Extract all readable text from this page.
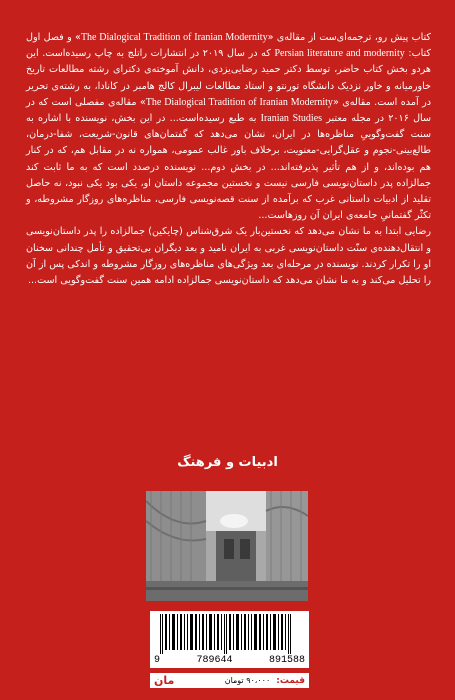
کتاب پیش رو، ترجمه‌ای‌ست از مقاله‌ی «The Dialogical Tradition of Iranian Modernity» و فصل اول کتاب: Persian literature and modernity که در سال ۲۰۱۹ در انتشارات راتلج به چاپ رسیده‌است. این هردو بخش کتاب حاضر، توسط دکتر حمید رضایی‌یزدی، دانش آموخته‌ی دکترای رشته مطالعات تاریخ خاورمیانه و خاور نزدیک دانشگاه تورنتو و استاد مطالعات لیبرال کالج هامبر در کانادا، به رشته‌ی تحریر در آمده است. مقاله‌ی «The Dialogical Tradition of Iranian Modernity» مقاله‌ی مفصلی است که در سال ۲۰۱۶ در مجله معتبر Iranian Studies به طبع رسیده‌است... در این بخش، نویسنده با اشاره به سنت گفت‌وگوییِ مناظره‌ها در ایران، نشان می‌دهد که گفتمان‌های قانون-شریعت، شفا-درمان، طالع‌بینی-نجوم و عقل‌گرایی-معنویت، برخلاف باور غالب عمومی، همواره نه در مقابل هم، که در کنار هم بوده‌اند، و از هم تأثیر پذیرفته‌اند... در بخش دوم... نویسنده درصدد است که به ما ثابت کند جمالزاده پدر داستان‌نویسی فارسی نیست و نخستین مجموعه داستان او، یکی بود یکی نبود، نه حاصل تقلید از ادبیات داستانی غرب که برآمده از سنت قصه‌نویسی فارسی، مناظره‌های روزگار مشروطه، و تکثّر گفتمانیِ جامعه‌ی ایران آن روزهاست...

رضایی ابتدا به ما نشان می‌دهد که نخستین‌بار یک شرق‌شناس (چایکین) جمالزاده را پدر داستان‌نویسی و انتقال‌دهنده‌ی سنّت داستان‌نویسی غربی به ایران نامید و بعد دیگران بی‌تحقیق و تأمل چندانی سخنان او را تکرار کردند. نویسنده در مرحله‌ای بعد ویژگی‌های مناظره‌های روزگار مشروطه و اندکی پس از آن را تحلیل می‌کند و به ما نشان می‌دهد که داستان‌نویسی جمالزاده ادامه همین سنت گفت‌وگویی است...

ادبیات و فرهنگ
9	789644	891588
قیمت:
۹۰،۰۰۰ تومان
مان
